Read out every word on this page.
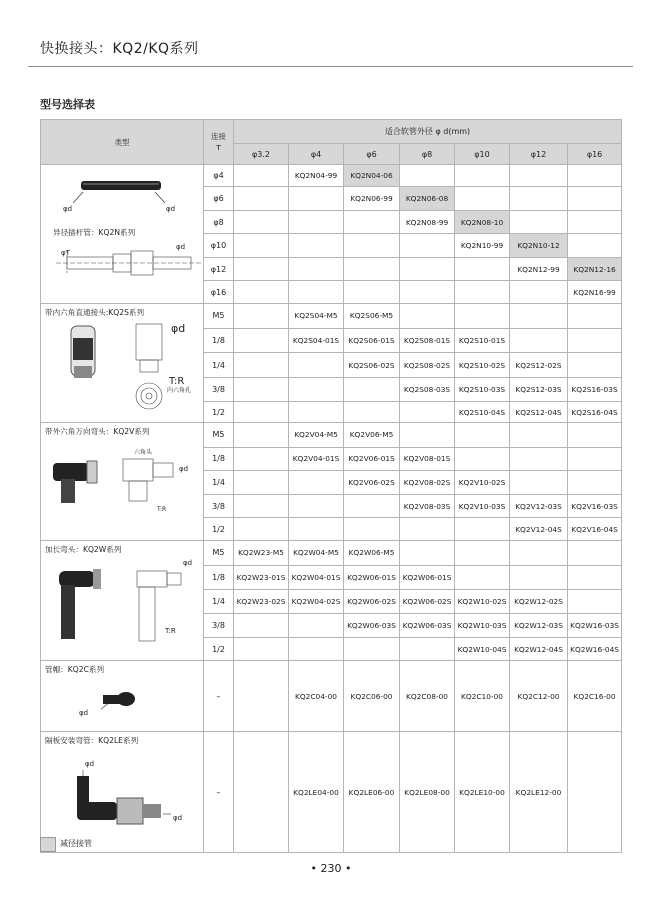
快换接头：KQ2/KQ系列
型号选择表
类型	连接
T	适合软管外径 φ d(mm)						
		φ3.2	φ4	φ6	φ8	φ10	φ12	φ16

φd φd
异径插杆管：KQ2N系列
φT
φd	φ4		KQ2N04-99	KQ2N04-06				
	φ6			KQ2N06-99	KQ2N06-08			
	φ8				KQ2N08-99	KQ2N08-10		
	φ10					KQ2N10-99	KQ2N10-12	
	φ12						KQ2N12-99	KQ2N12-16
	φ16							KQ2N16-99

带内六角直通接头:KQ2S系列
φd
T:R
内六角孔	M5		KQ2S04-M5	KQ2S06-M5				
	1/8		KQ2S04-01S	KQ2S06-01S	KQ2S08-01S	KQ2S10-01S		
	1/4			KQ2S06-02S	KQ2S08-02S	KQ2S10-02S	KQ2S12-02S	
	3/8				KQ2S08-03S	KQ2S10-03S	KQ2S12-03S	KQ2S16-03S
	1/2					KQ2S10-04S	KQ2S12-04S	KQ2S16-04S

带外六角万向弯头：KQ2V系列
六角头
φd
T:R	M5		KQ2V04-M5	KQ2V06-M5				
	1/8		KQ2V04-01S	KQ2V06-01S	KQ2V08-01S			
	1/4			KQ2V06-02S	KQ2V08-02S	KQ2V10-02S		
	3/8				KQ2V08-03S	KQ2V10-03S	KQ2V12-03S	KQ2V16-03S
	1/2						KQ2V12-04S	KQ2V16-04S

加长弯头：KQ2W系列
φd
T:R	M5	KQ2W23-M5	KQ2W04-M5	KQ2W06-M5				
	1/8	KQ2W23-01S	KQ2W04-01S	KQ2W06-01S	KQ2W06-01S			
	1/4	KQ2W23-02S	KQ2W04-02S	KQ2W06-02S	KQ2W06-02S	KQ2W10-02S	KQ2W12-02S	
	3/8			KQ2W06-03S	KQ2W06-03S	KQ2W10-03S	KQ2W12-03S	KQ2W16-03S
	1/2					KQ2W10-04S	KQ2W12-04S	KQ2W16-04S

管帽：KQ2C系列
φd	–		KQ2C04-00	KQ2C06-00	KQ2C08-00	KQ2C10-00	KQ2C12-00	KQ2C16-00

隔板安装弯管：KQ2LE系列
φd
φd	–		KQ2LE04-00	KQ2LE06-00	KQ2LE08-00	KQ2LE10-00	KQ2LE12-00	
减径接管
• 230 •
